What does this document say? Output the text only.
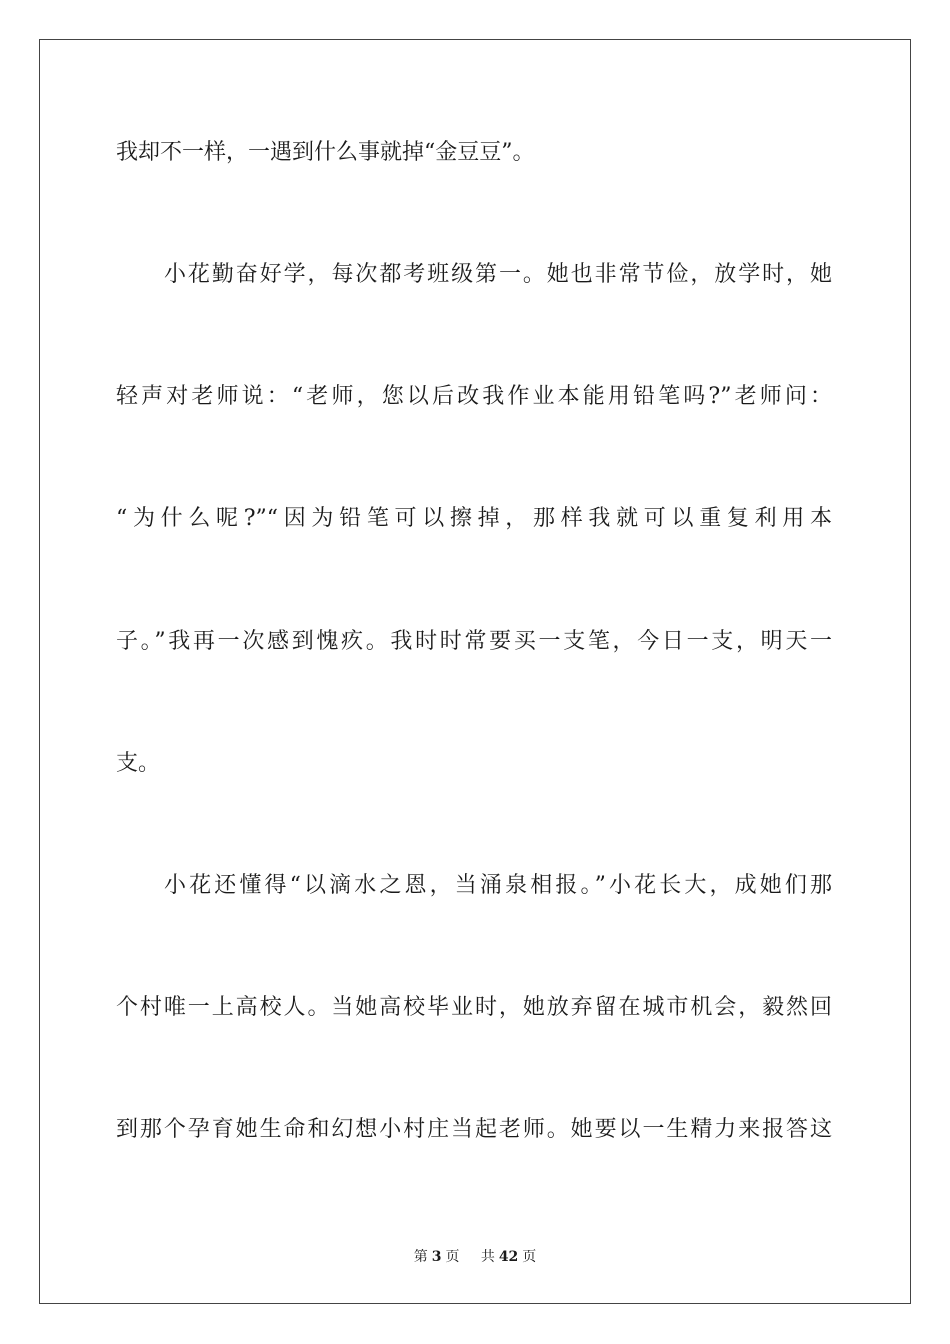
我却不一样，一遇到什么事就掉“金豆豆”。
小花勤奋好学，每次都考班级第一。她也非常节俭，放学时，她
轻声对老师说：“老师，您以后改我作业本能用铅笔吗?”老师问：
“为什么呢?”“因为铅笔可以擦掉，那样我就可以重复利用本
子。”我再一次感到愧疚。我时时常要买一支笔，今日一支，明天一
支。
小花还懂得“以滴水之恩，当涌泉相报。”小花长大，成她们那
个村唯一上高校人。当她高校毕业时，她放弃留在城市机会，毅然回
到那个孕育她生命和幻想小村庄当起老师。她要以一生精力来报答这
第 3 页 共 42 页
